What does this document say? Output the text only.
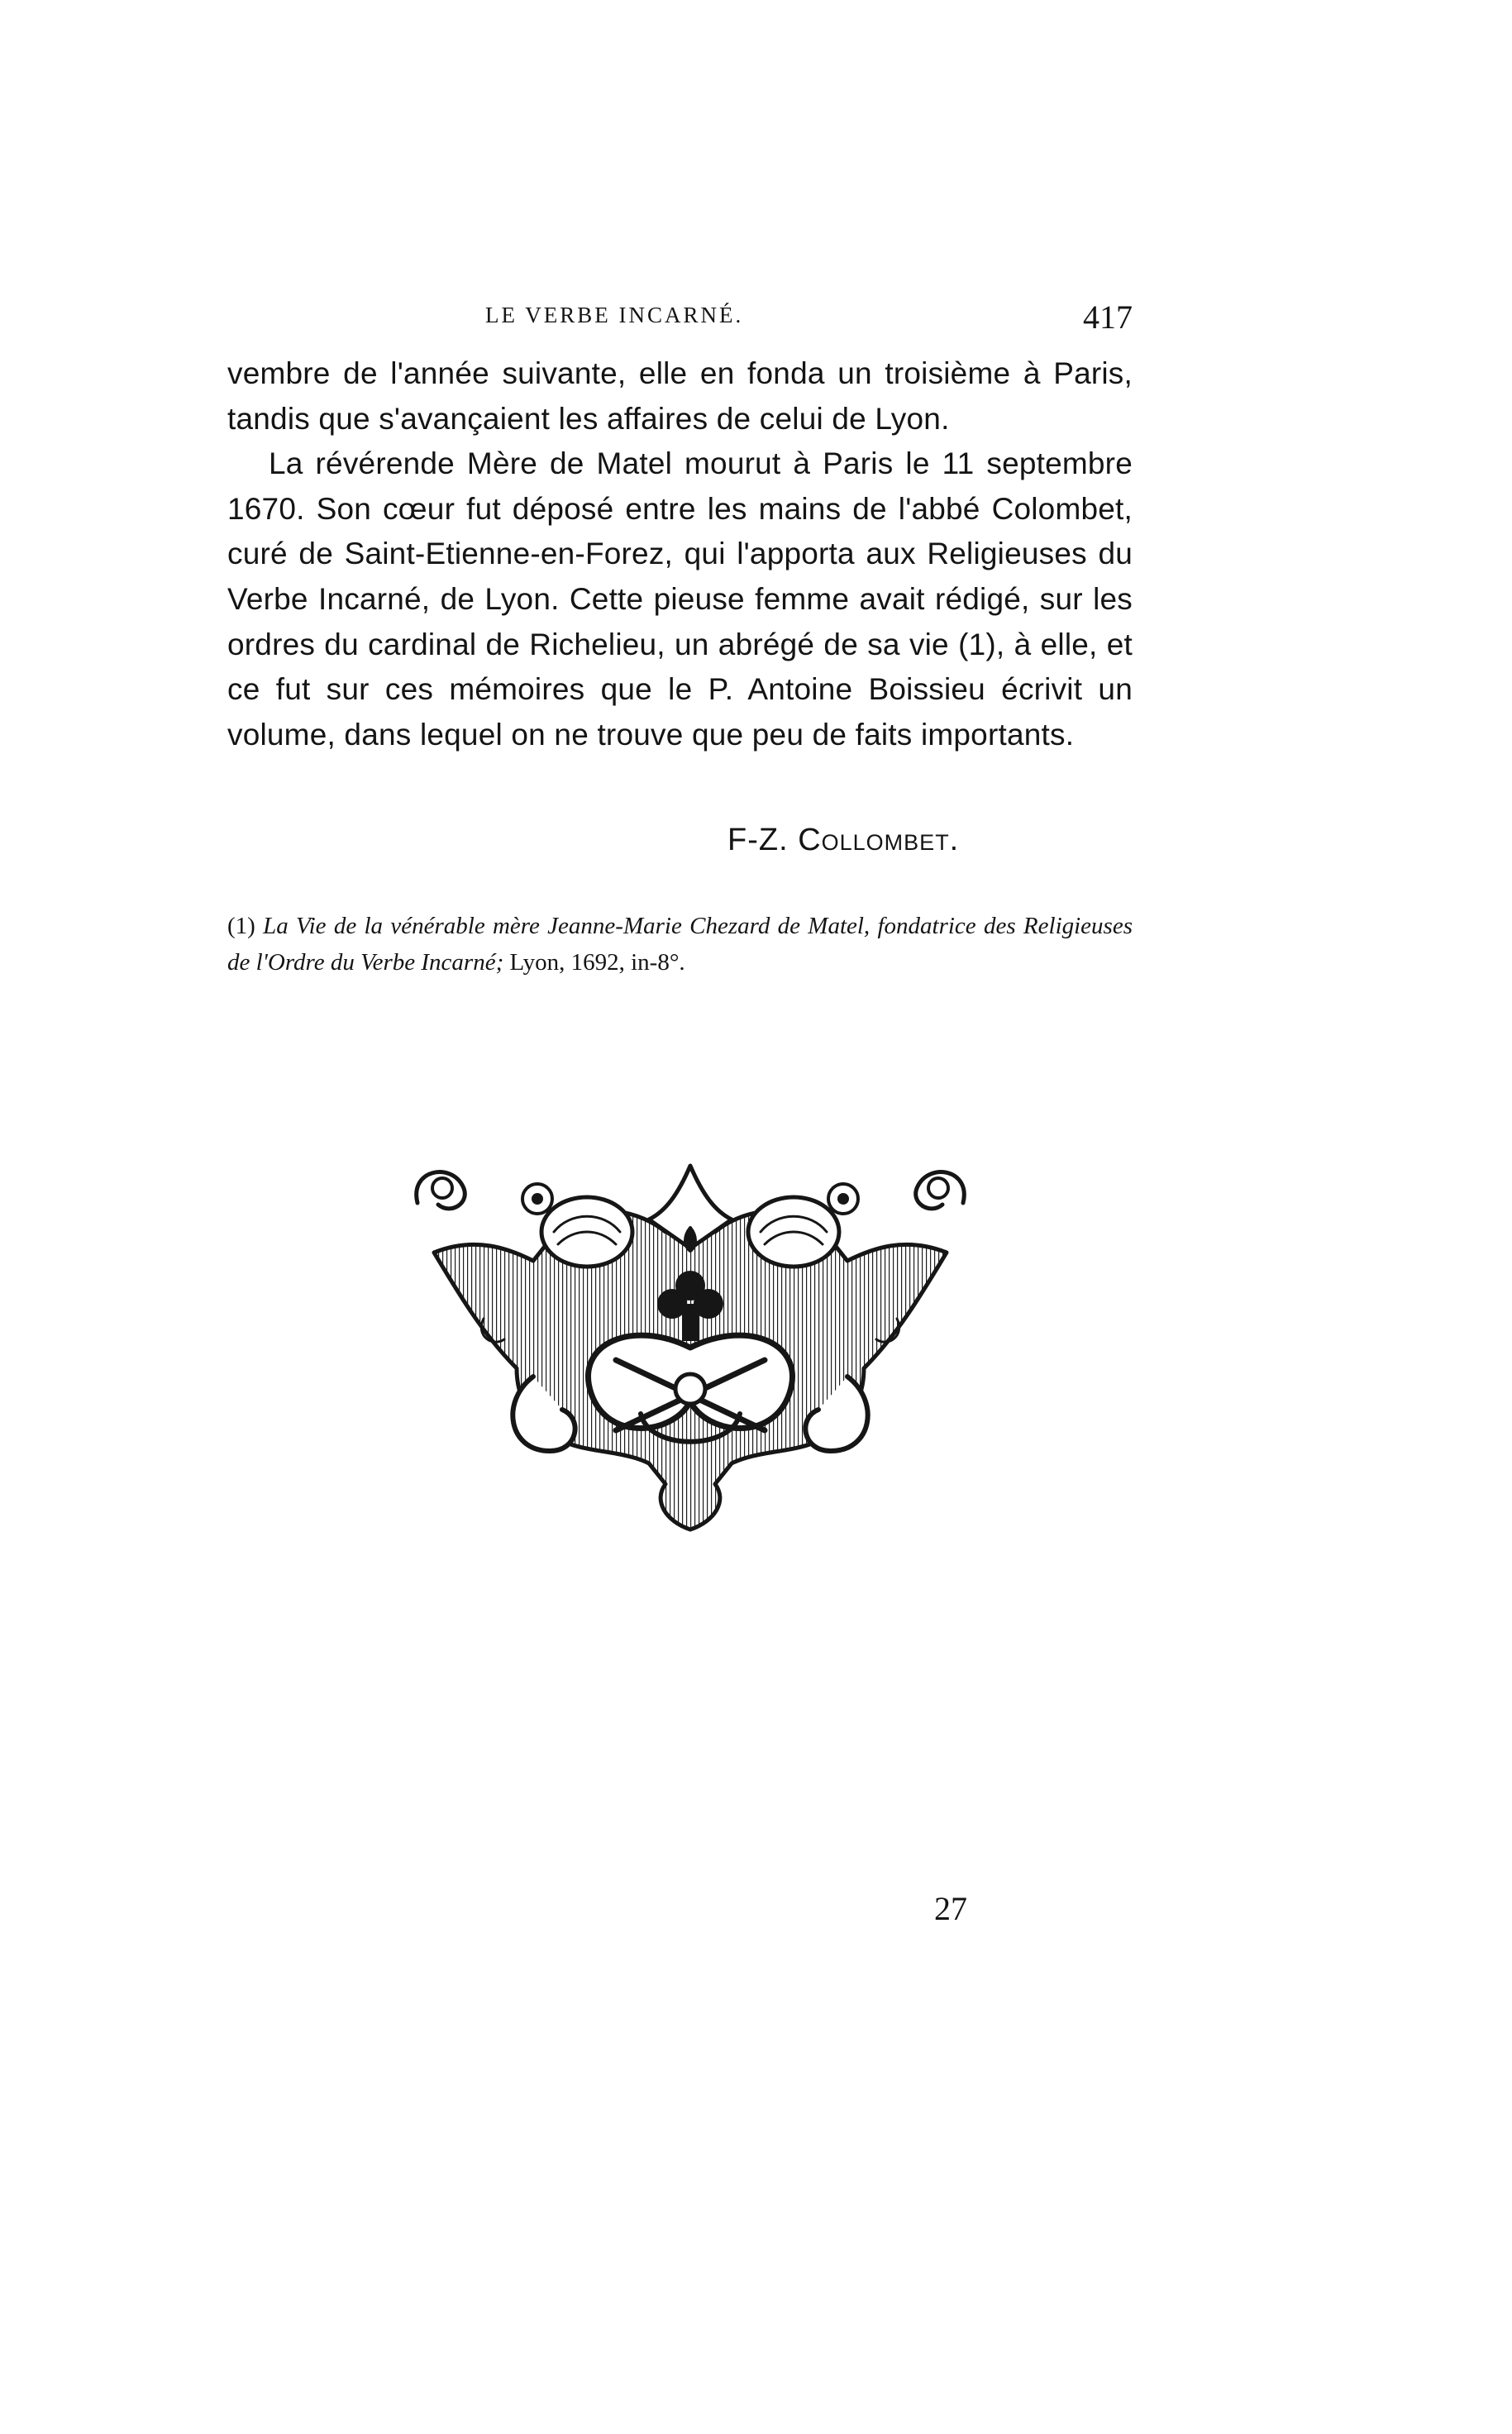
LE VERBE INCARNÉ.	417

vembre de l'année suivante, elle en fonda un troisième à Paris, tandis que s'avançaient les affaires de celui de Lyon.

La révérende Mère de Matel mourut à Paris le 11 septembre 1670. Son cœur fut déposé entre les mains de l'abbé Colombet, curé de Saint-Etienne-en-Forez, qui l'apporta aux Religieuses du Verbe Incarné, de Lyon. Cette pieuse femme avait rédigé, sur les ordres du cardinal de Richelieu, un abrégé de sa vie (1), à elle, et ce fut sur ces mémoires que le P. Antoine Boissieu écrivit un volume, dans lequel on ne trouve que peu de faits importants.

F-Z. Collombet.
(1) La Vie de la vénérable mère Jeanne-Marie Chezard de Matel, fondatrice des Religieuses de l'Ordre du Verbe Incarné; Lyon, 1692, in-8°.
27
